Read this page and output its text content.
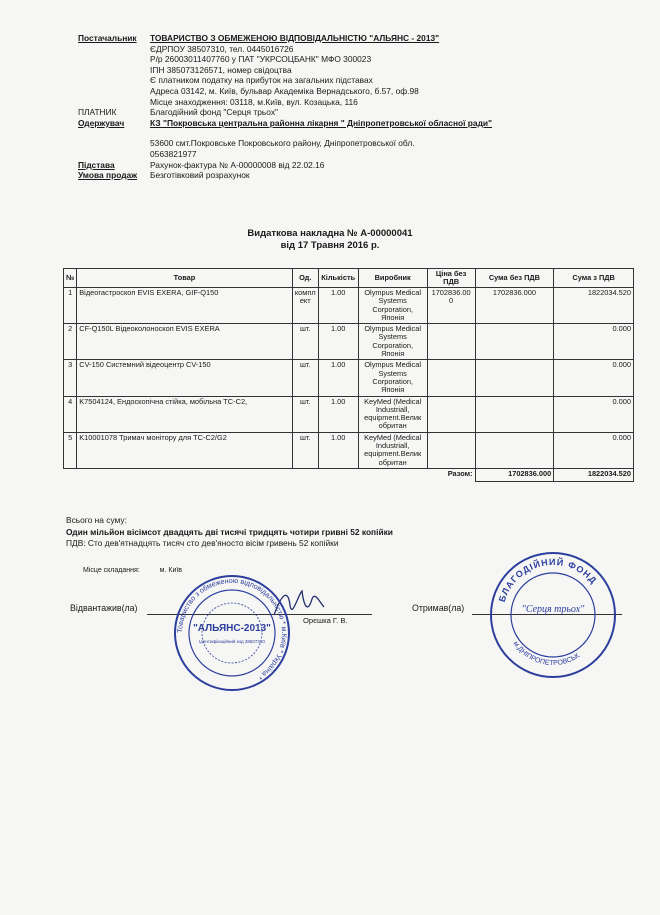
Постачальник	ТОВАРИСТВО З ОБМЕЖЕНОЮ ВІДПОВІДАЛЬНІСТЮ "АЛЬЯНС - 2013"
ЄДРПОУ 38507310, тел. 0445016726
Р/р 26003011407760 у ПАТ "УКРСОЦБАНК" МФО 300023
ІПН 385073126571, номер свідоцтва
Є платником податку на прибуток на загальних підставах
Адреса 03142, м. Київ, бульвар Академіка Вернадського, б.57, оф.98
Місце знаходження: 03118, м.Київ, вул. Козацька, 116
ПЛАТНИК	Благодійний фонд "Серця трьох"
Одержувач	КЗ "Покровська центральна районна лікарня " Дніпропетровської обласної ради"
53600 смт.Покровське Покровського району, Дніпропетровської обл.
0563821977
Підстава	Рахунок-фактура № А-00000008 від 22.02.16
Умова продаж	Безготівковий розрахунок
Видаткова накладна № А-00000041
від 17 Травня 2016 р.
№	Товар	Од.	Кількість	Виробник	Ціна без ПДВ	Сума без ПДВ	Сума з ПДВ
1	Відеогастроскоп EVIS EXERA, GIF-Q150	компл ект	1.00	Olympus Medical Systems Corporation, Японія	1702836.00 0	1702836.000	1822034.520
2	CF-Q150L Відеоколоноскоп EVIS EXERA	шт.	1.00	Olympus Medical Systems Corporation, Японія			0.000
3	CV-150 Системний відеоцентр CV-150	шт.	1.00	Olympus Medical Systems Corporation, Японія			0.000
4	K7504124, Ендоскопічна стійка, мобільна TC-C2,	шт.	1.00	KeyMed (Medical Industriall, equipment.Велик обритан			0.000
5	K10001078 Тримач монітору для TC-C2/G2	шт.	1.00	KeyMed (Medical Industriall, equipment.Велик обритан			0.000
					Разом:	1702836.000	1822034.520
Всього на суму:
Один мільйон вісімсот двадцять дві тисячі тридцять чотири гривні 52 копійки
ПДВ: Сто дев'ятнадцять тисяч сто дев'яносто вісім гривень 52 копійки
Місце складання:	м. Київ
Відвантажив(ла)
Орєшка Г. В.
Отримав(ла)
Товариство з обмеженою відповідальністю * м.Київ * Україна *
"АЛЬЯНС-2013"
Ідентифікаційний код 38507310
БЛАГОДІЙНИЙ ФОНД
м.ДНІПРОПЕТРОВСЬК
"Серця трьох"
